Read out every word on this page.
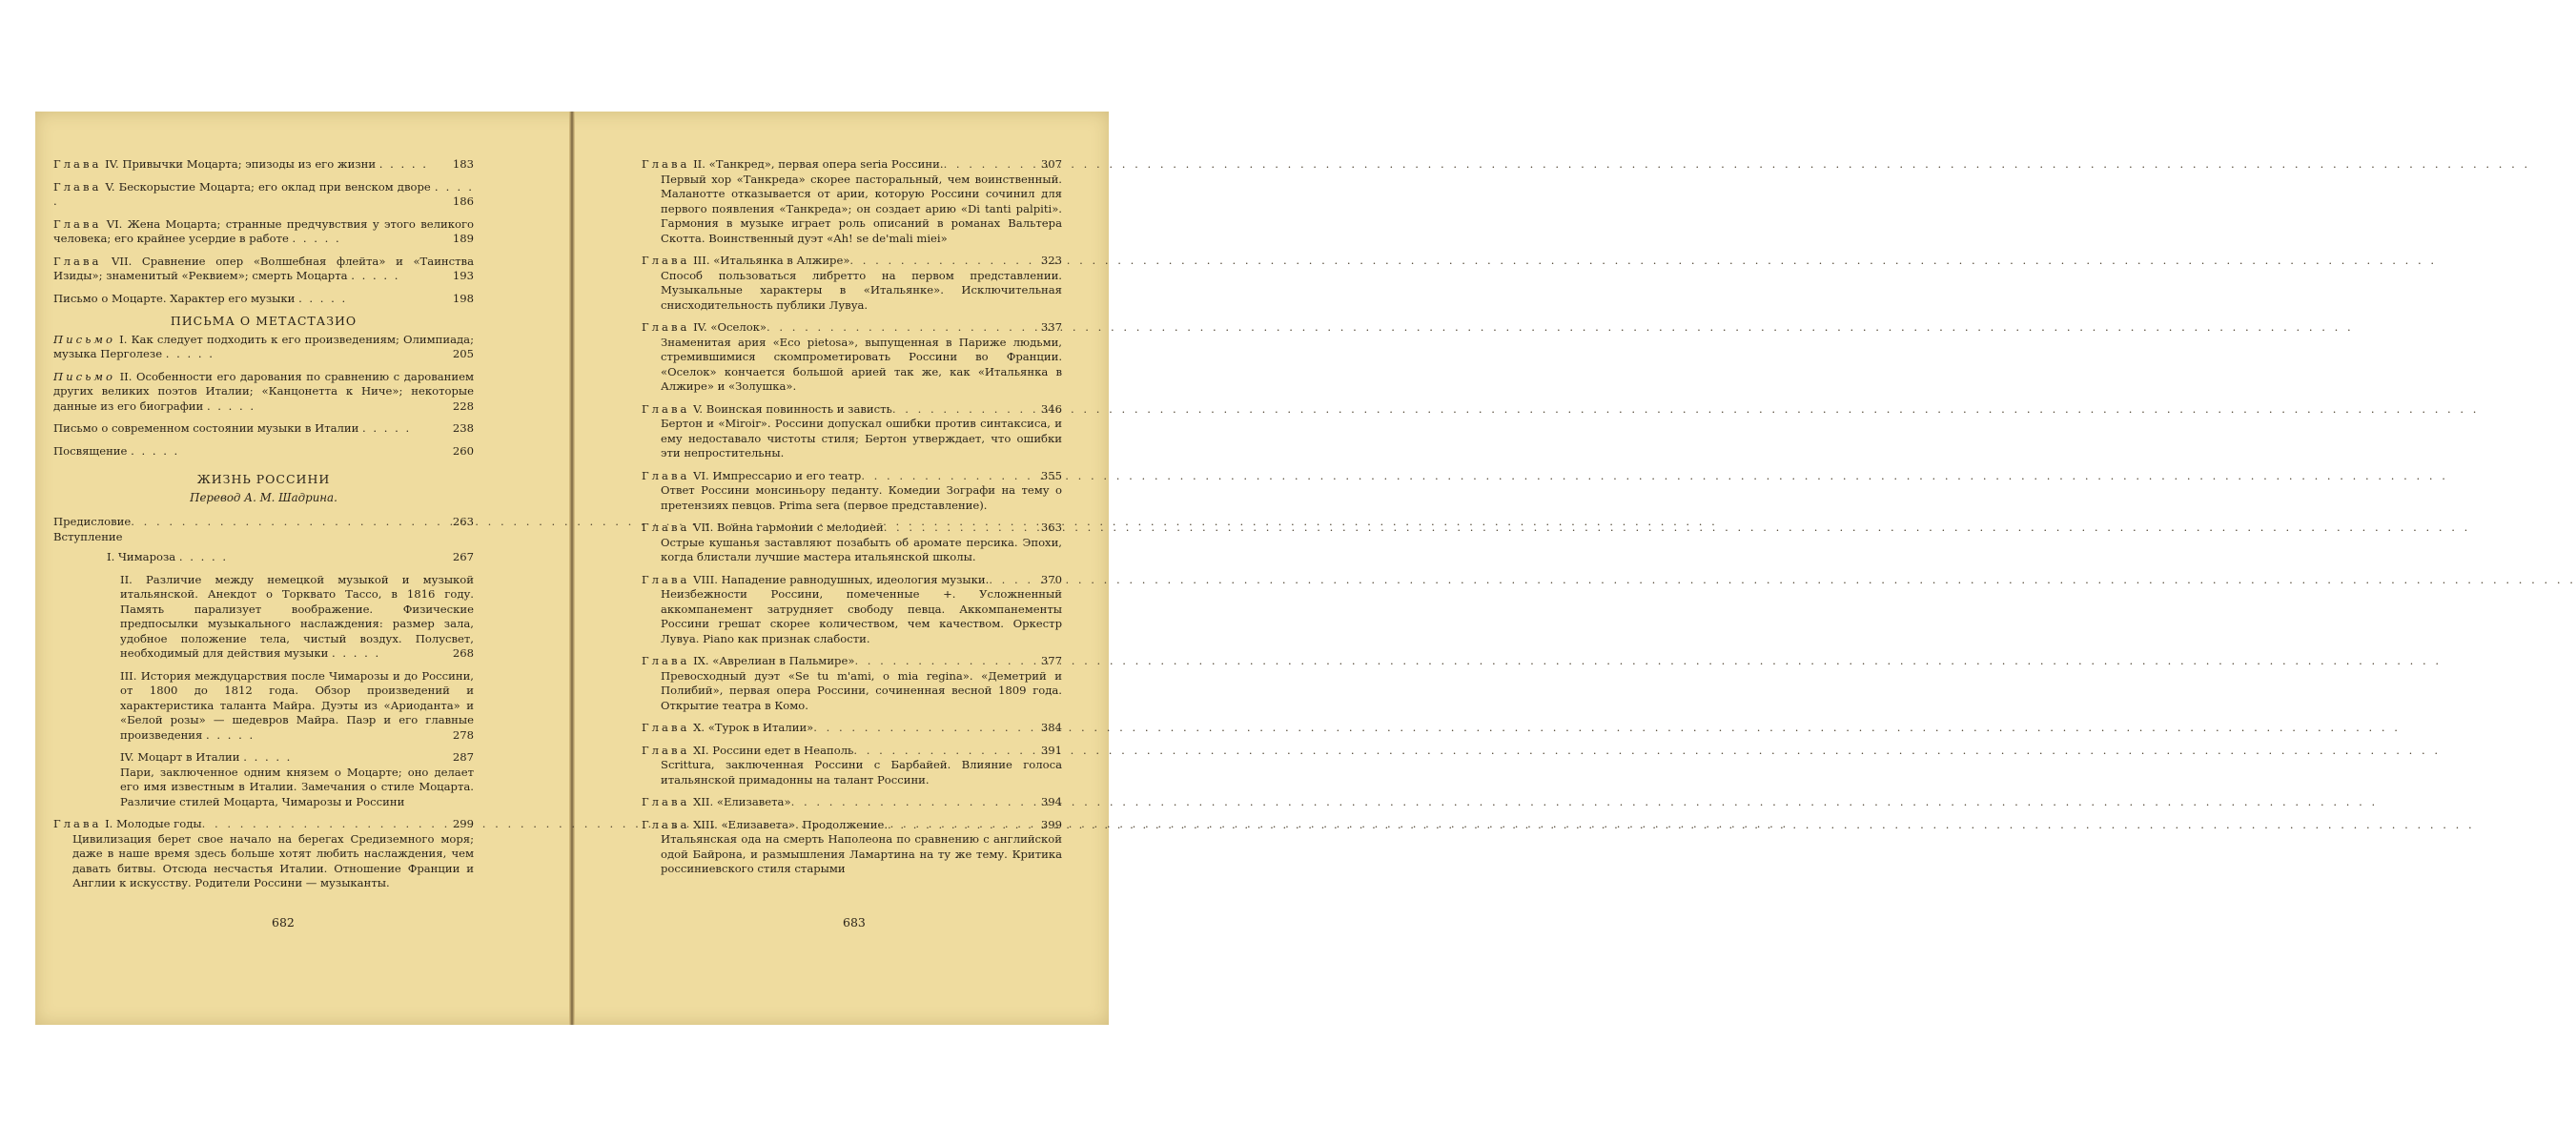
Глава IV. Привычки Моцарта; эпизоды из его жизни . . . . . 183
Глава V. Бескорыстие Моцарта; его оклад при венском дворе . . . . .	186
Глава VI. Жена Моцарта; странные предчувствия у этого великого человека; его крайнее усердие в работе . . . . .	189
Глава VII. Сравнение опер «Волшебная флейта» и «Таинства Изиды»; знаменитый «Реквием»; смерть Моцарта . . . . .	193
Письмо о Моцарте. Характер его музыки . . . . .	198
ПИСЬМА О МЕТАСТАЗИО
Письмо I. Как следует подходить к его произведениям; Олимпиада; музыка Перголезе . . . . .	205
Письмо II. Особенности его дарования по сравнению с дарованием других великих поэтов Италии; «Канцонетта к Ниче»; некоторые данные из его биографии . . . . .	228
Письмо о современном состоянии музыки в Италии . . . . .	238
Посвящение . . . . .	260
ЖИЗНЬ РОССИНИ
Перевод А. М. Шадрина.
Предисловие . . .	263
Вступление
I. Чимароза . . . . .	267
II. Различие между немецкой музыкой и музыкой итальянской. Анекдот о Торквато Тассо, в 1816 году. Память парализует воображение. Физические предпосылки музыкального наслаждения: размер зала, удобное положение тела, чистый воздух. Полусвет, необходимый для действия музыки . . . . .	268
III. История междуцарствия после Чимарозы и до Россини, от 1800 до 1812 года. Обзор произведений и характеристика таланта Майра. Дуэты из «Ариоданта» и «Белой розы» — шедевров Майра. Паэр и его главные произведения . . . . .	278
IV. Моцарт в Италии . . . . .	287
Пари, заключенное одним князем о Моцарте; оно делает его имя известным в Италии. Замечания о стиле Моцарта. Различие стилей Моцарта, Чимарозы и Россини
Глава I. Молодые годы . . .	299
Цивилизация берет свое начало на берегах Средиземного моря; даже в наше время здесь больше хотят любить наслаждения, чем давать битвы. Отсюда несчастья Италии. Отношение Франции и Англии к искусству. Родители Россини — музыканты.
682
Глава II. «Танкред», первая опера seria Россини. . . .	307
Первый хор «Танкреда» скорее пасторальный, чем воинственный. Маланотте отказывается от арии, которую Россини сочинил для первого появления «Танкреда»; он создает арию «Di tanti palpiti». Гармония в музыке играет роль описаний в романах Вальтера Скотта. Воинственный дуэт «Ah! se de'mali miei»
Глава III. «Итальянка в Алжире» . . .	323
Способ пользоваться либретто на первом представлении. Музыкальные характеры в «Итальянке». Исключительная снисходительность публики Лувуа.
Глава IV. «Оселок» . . .	337
Знаменитая ария «Eco pietosa», выпущенная в Париже людьми, стремившимися скомпрометировать Россини во Франции. «Оселок» кончается большой арией так же, как «Итальянка в Алжире» и «Золушка».
Глава V. Воинская повинность и зависть . . .	346
Бертон и «Miroir». Россини допускал ошибки против синтаксиса, и ему недоставало чистоты стиля; Бертон утверждает, что ошибки эти непростительны.
Глава VI. Импрессарио и его театр . . .	355
Ответ Россини монсиньору педанту. Комедии Зографи на тему о претензиях певцов. Prima sera (первое представление).
Глава VII. Война гармонии с мелодией . . .	363
Острые кушанья заставляют позабыть об аромате персика. Эпохи, когда блистали лучшие мастера итальянской школы.
Глава VIII. Нападение равнодушных, идеология музыки. . . .	370
Неизбежности Россини, помеченные +. Усложненный аккомпанемент затрудняет свободу певца. Аккомпанементы Россини грешат скорее количеством, чем качеством. Оркестр Лувуа. Piano как признак слабости.
Глава IX. «Аврелиан в Пальмире» . . .	377
Превосходный дуэт «Se tu m'ami, o mia regina». «Деметрий и Полибий», первая опера Россини, сочиненная весной 1809 года. Открытие театра в Комо.
Глава X. «Турок в Италии» . . .	384
Глава XI. Россини едет в Неаполь . . .	391
Scrittura, заключенная Россини с Барбайей. Влияние голоса итальянской примадонны на талант Россини.
Глава XII. «Елизавета» . . .	394
Глава XIII. «Елизавета». Продолжение. . . .	399
Итальянская ода на смерть Наполеона по сравнению с английской одой Байрона, и размышления Ламартина на ту же тему. Критика россиниевского стиля старыми
683
